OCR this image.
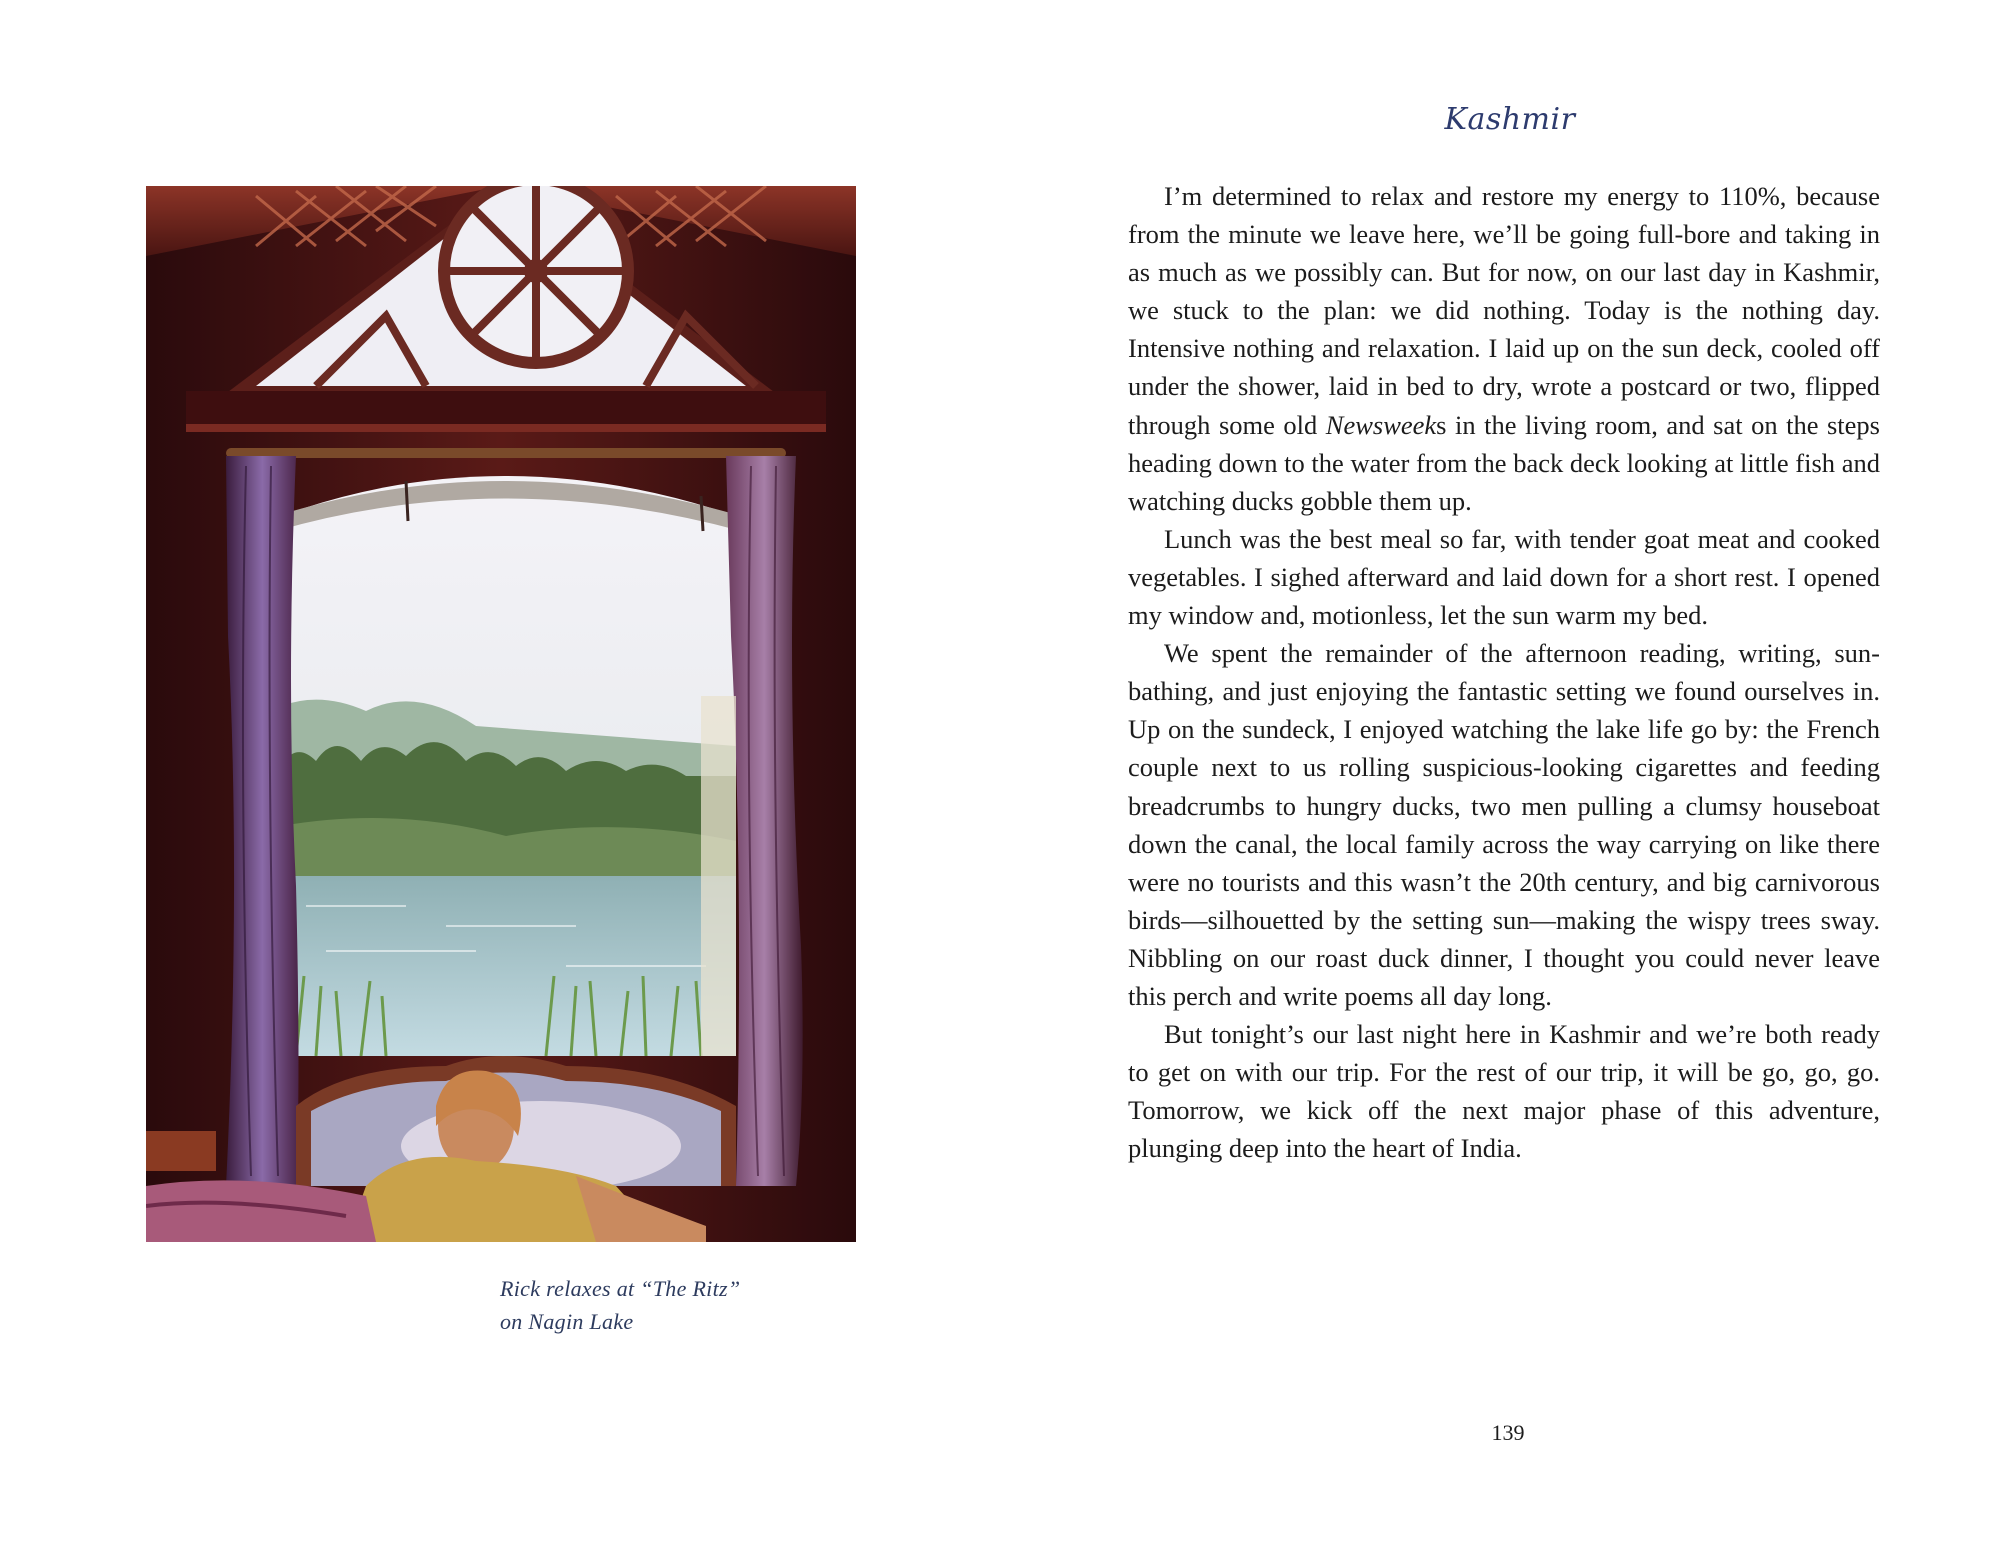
Rick relaxes at “The Ritz”
on Nagin Lake
Kashmir

I’m determined to relax and restore my energy to 110%, because from the minute we leave here, we’ll be going full-bore and taking in as much as we possibly can. But for now, on our last day in Kashmir, we stuck to the plan: we did nothing. Today is the nothing day. Intensive nothing and relaxation. I laid up on the sun deck, cooled off under the shower, laid in bed to dry, wrote a postcard or two, flipped through some old Newsweeks in the living room, and sat on the steps heading down to the water from the back deck looking at little fish and watching ducks gobble them up.

Lunch was the best meal so far, with tender goat meat and cooked vegetables. I sighed afterward and laid down for a short rest. I opened my window and, motionless, let the sun warm my bed.

We spent the remainder of the afternoon reading, writing, sunbathing, and just enjoying the fantastic setting we found ourselves in. Up on the sundeck, I enjoyed watching the lake life go by: the French couple next to us rolling suspicious-looking cigarettes and feeding breadcrumbs to hungry ducks, two men pulling a clumsy houseboat down the canal, the local family across the way carrying on like there were no tourists and this wasn’t the 20th century, and big carnivorous birds—silhouetted by the setting sun—making the wispy trees sway. Nibbling on our roast duck dinner, I thought you could never leave this perch and write poems all day long.

But tonight’s our last night here in Kashmir and we’re both ready to get on with our trip. For the rest of our trip, it will be go, go, go. Tomorrow, we kick off the next major phase of this adventure, plunging deep into the heart of India.

139
